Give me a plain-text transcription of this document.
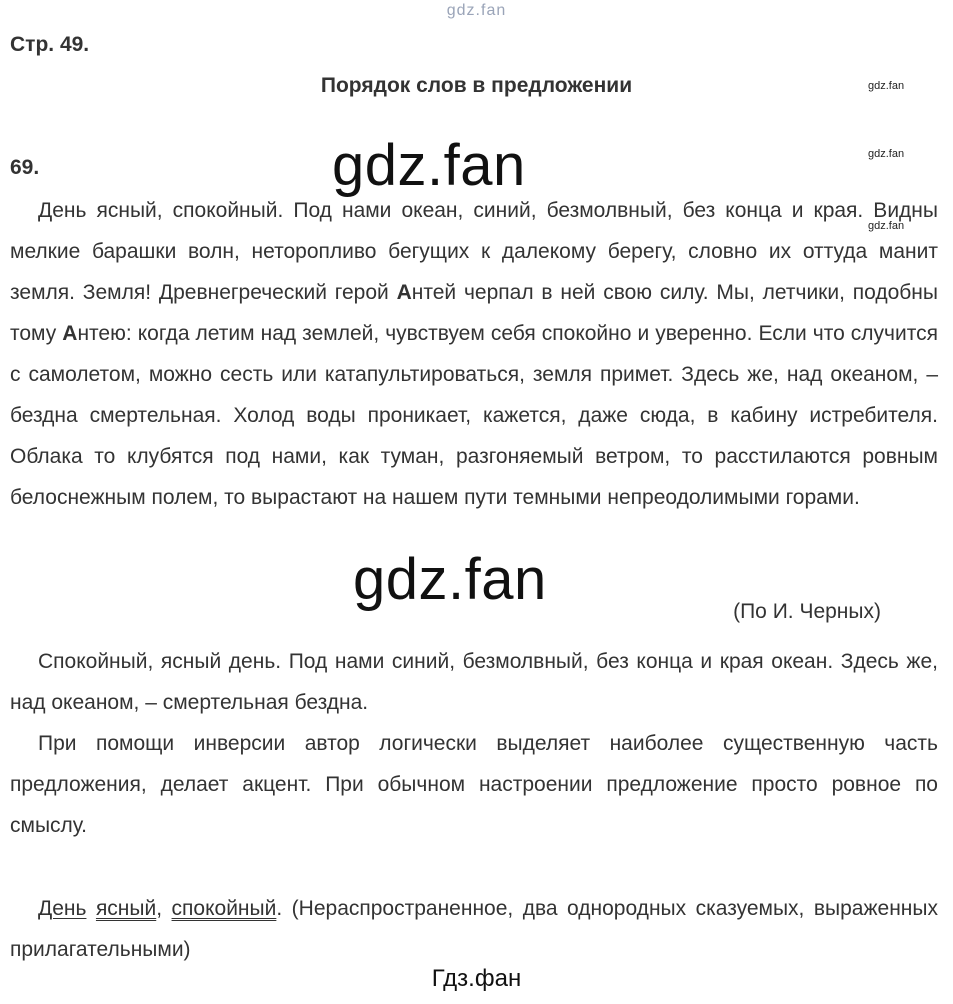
gdz.fan
Стр. 49.
Порядок слов в предложении	gdz.fan
gdz.fan
gdz.fan
69.	gdz.fan

День ясный, спокойный. Под нами океан, синий, безмолвный, без конца и края. Видны мелкие барашки волн, неторопливо бегущих к далекому берегу, словно их оттуда манит земля. Земля! Древнегреческий герой Антей черпал в ней свою силу. Мы, летчики, подобны тому Антею: когда летим над землей, чувствуем себя спокойно и уверенно. Если что случится с самолетом, можно сесть или катапультироваться, земля примет. Здесь же, над океаном, – бездна смертельная. Холод воды проникает, кажется, даже сюда, в кабину истребителя. Облака то клубятся под нами, как туман, разгоняемый ветром, то расстилаются ровным белоснежным полем, то вырастают на нашем пути темными непреодолимыми горами.

gdz.fan	(По И. Черных)

Спокойный, ясный день. Под нами синий, безмолвный, без конца и края океан. Здесь же, над океаном, – смертельная бездна.

При помощи инверсии автор логически выделяет наиболее существенную часть предложения, делает акцент. При обычном настроении предложение просто ровное по смыслу.

День ясный, спокойный. (Нераспространенное, два однородных сказуемых, выраженных прилагательными)

Гдз.фан
